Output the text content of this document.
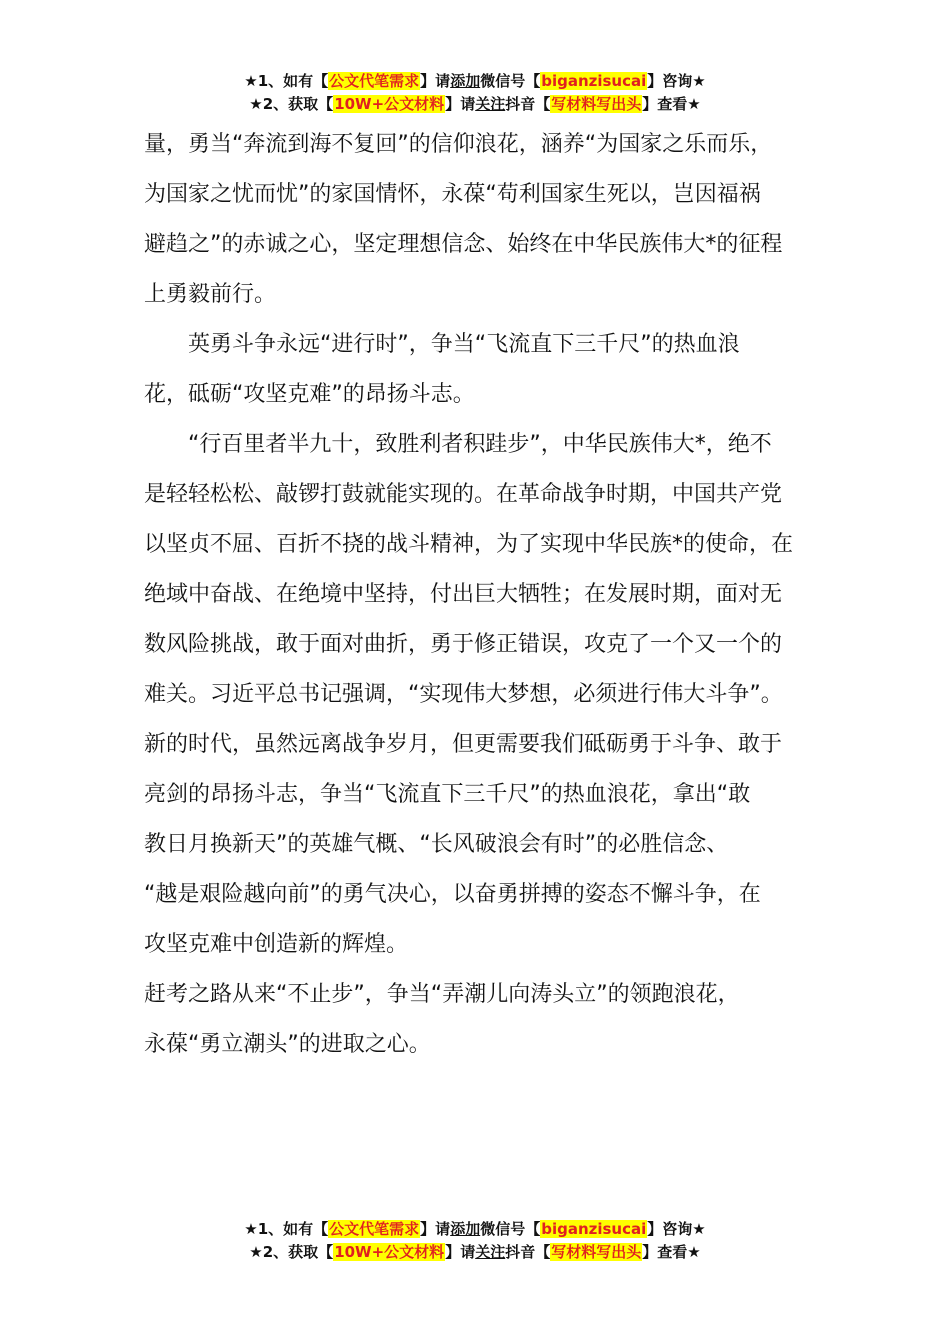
★1、如有【公文代笔需求】请添加微信号【biganzisucai】咨询★
★2、获取【10W+公文材料】请关注抖音【写材料写出头】查看★

量，勇当“奔流到海不复回”的信仰浪花，涵养“为国家之乐而乐，

为国家之忧而忧”的家国情怀，永葆“苟利国家生死以，岂因福祸

避趋之”的赤诚之心，坚定理想信念、始终在中华民族伟大*的征程

上勇毅前行。

英勇斗争永远“进行时”，争当“飞流直下三千尺”的热血浪

花，砥砺“攻坚克难”的昂扬斗志。

“行百里者半九十，致胜利者积跬步”，中华民族伟大*，绝不

是轻轻松松、敲锣打鼓就能实现的。在革命战争时期，中国共产党

以坚贞不屈、百折不挠的战斗精神，为了实现中华民族*的使命，在

绝域中奋战、在绝境中坚持，付出巨大牺牲；在发展时期，面对无

数风险挑战，敢于面对曲折，勇于修正错误，攻克了一个又一个的

难关。习近平总书记强调，“实现伟大梦想，必须进行伟大斗争”。

新的时代，虽然远离战争岁月，但更需要我们砥砺勇于斗争、敢于

亮剑的昂扬斗志，争当“飞流直下三千尺”的热血浪花，拿出“敢

教日月换新天”的英雄气概、“长风破浪会有时”的必胜信念、

“越是艰险越向前”的勇气决心，以奋勇拼搏的姿态不懈斗争，在

攻坚克难中创造新的辉煌。

赶考之路从来“不止步”，争当“弄潮儿向涛头立”的领跑浪花，

永葆“勇立潮头”的进取之心。

★1、如有【公文代笔需求】请添加微信号【biganzisucai】咨询★
★2、获取【10W+公文材料】请关注抖音【写材料写出头】查看★
